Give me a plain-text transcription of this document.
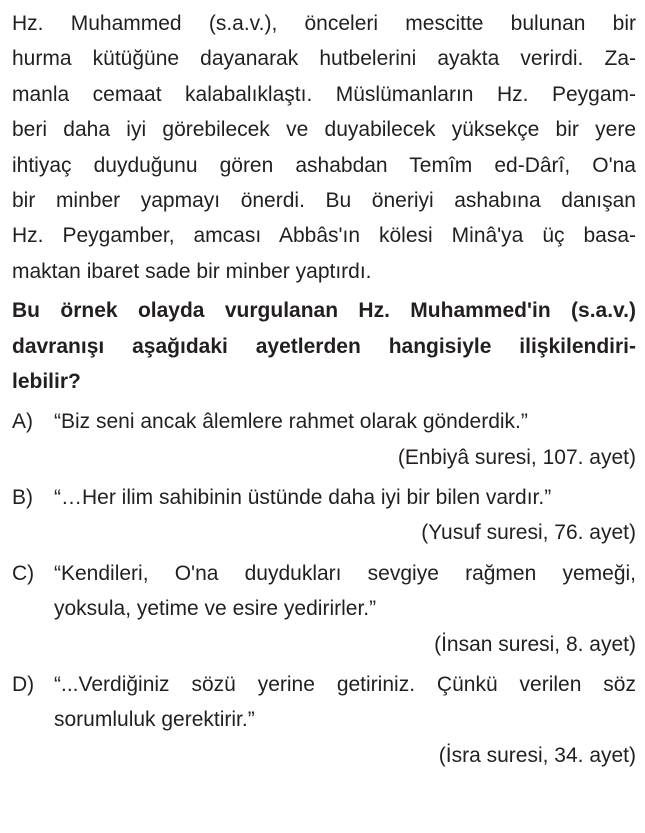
Hz. Muhammed (s.a.v.), önceleri mescitte bulunan bir
hurma kütüğüne dayanarak hutbelerini ayakta verirdi. Za-
manla cemaat kalabalıklaştı. Müslümanların Hz. Peygam-
beri daha iyi görebilecek ve duyabilecek yüksekçe bir yere
ihtiyaç duyduğunu gören ashabdan Temîm ed-Dârî, O'na
bir minber yapmayı önerdi. Bu öneriyi ashabına danışan
Hz. Peygamber, amcası Abbâs'ın kölesi Minâ'ya üç basa-
maktan ibaret sade bir minber yaptırdı.
Bu örnek olayda vurgulanan Hz. Muhammed'in (s.a.v.)
davranışı aşağıdaki ayetlerden hangisiyle ilişkilendiri-
lebilir?
A)	“Biz seni ancak âlemlere rahmet olarak gönderdik.”
(Enbiyâ suresi, 107. ayet)
B)	“…Her ilim sahibinin üstünde daha iyi bir bilen vardır.”
(Yusuf suresi, 76. ayet)
C) “Kendileri, O'na duydukları sevgiye rağmen yemeği,
yoksula, yetime ve esire yedirirler.”
(İnsan suresi, 8. ayet)
D) “...Verdiğiniz sözü yerine getiriniz. Çünkü verilen söz
sorumluluk gerektirir.”
(İsra suresi, 34. ayet)
